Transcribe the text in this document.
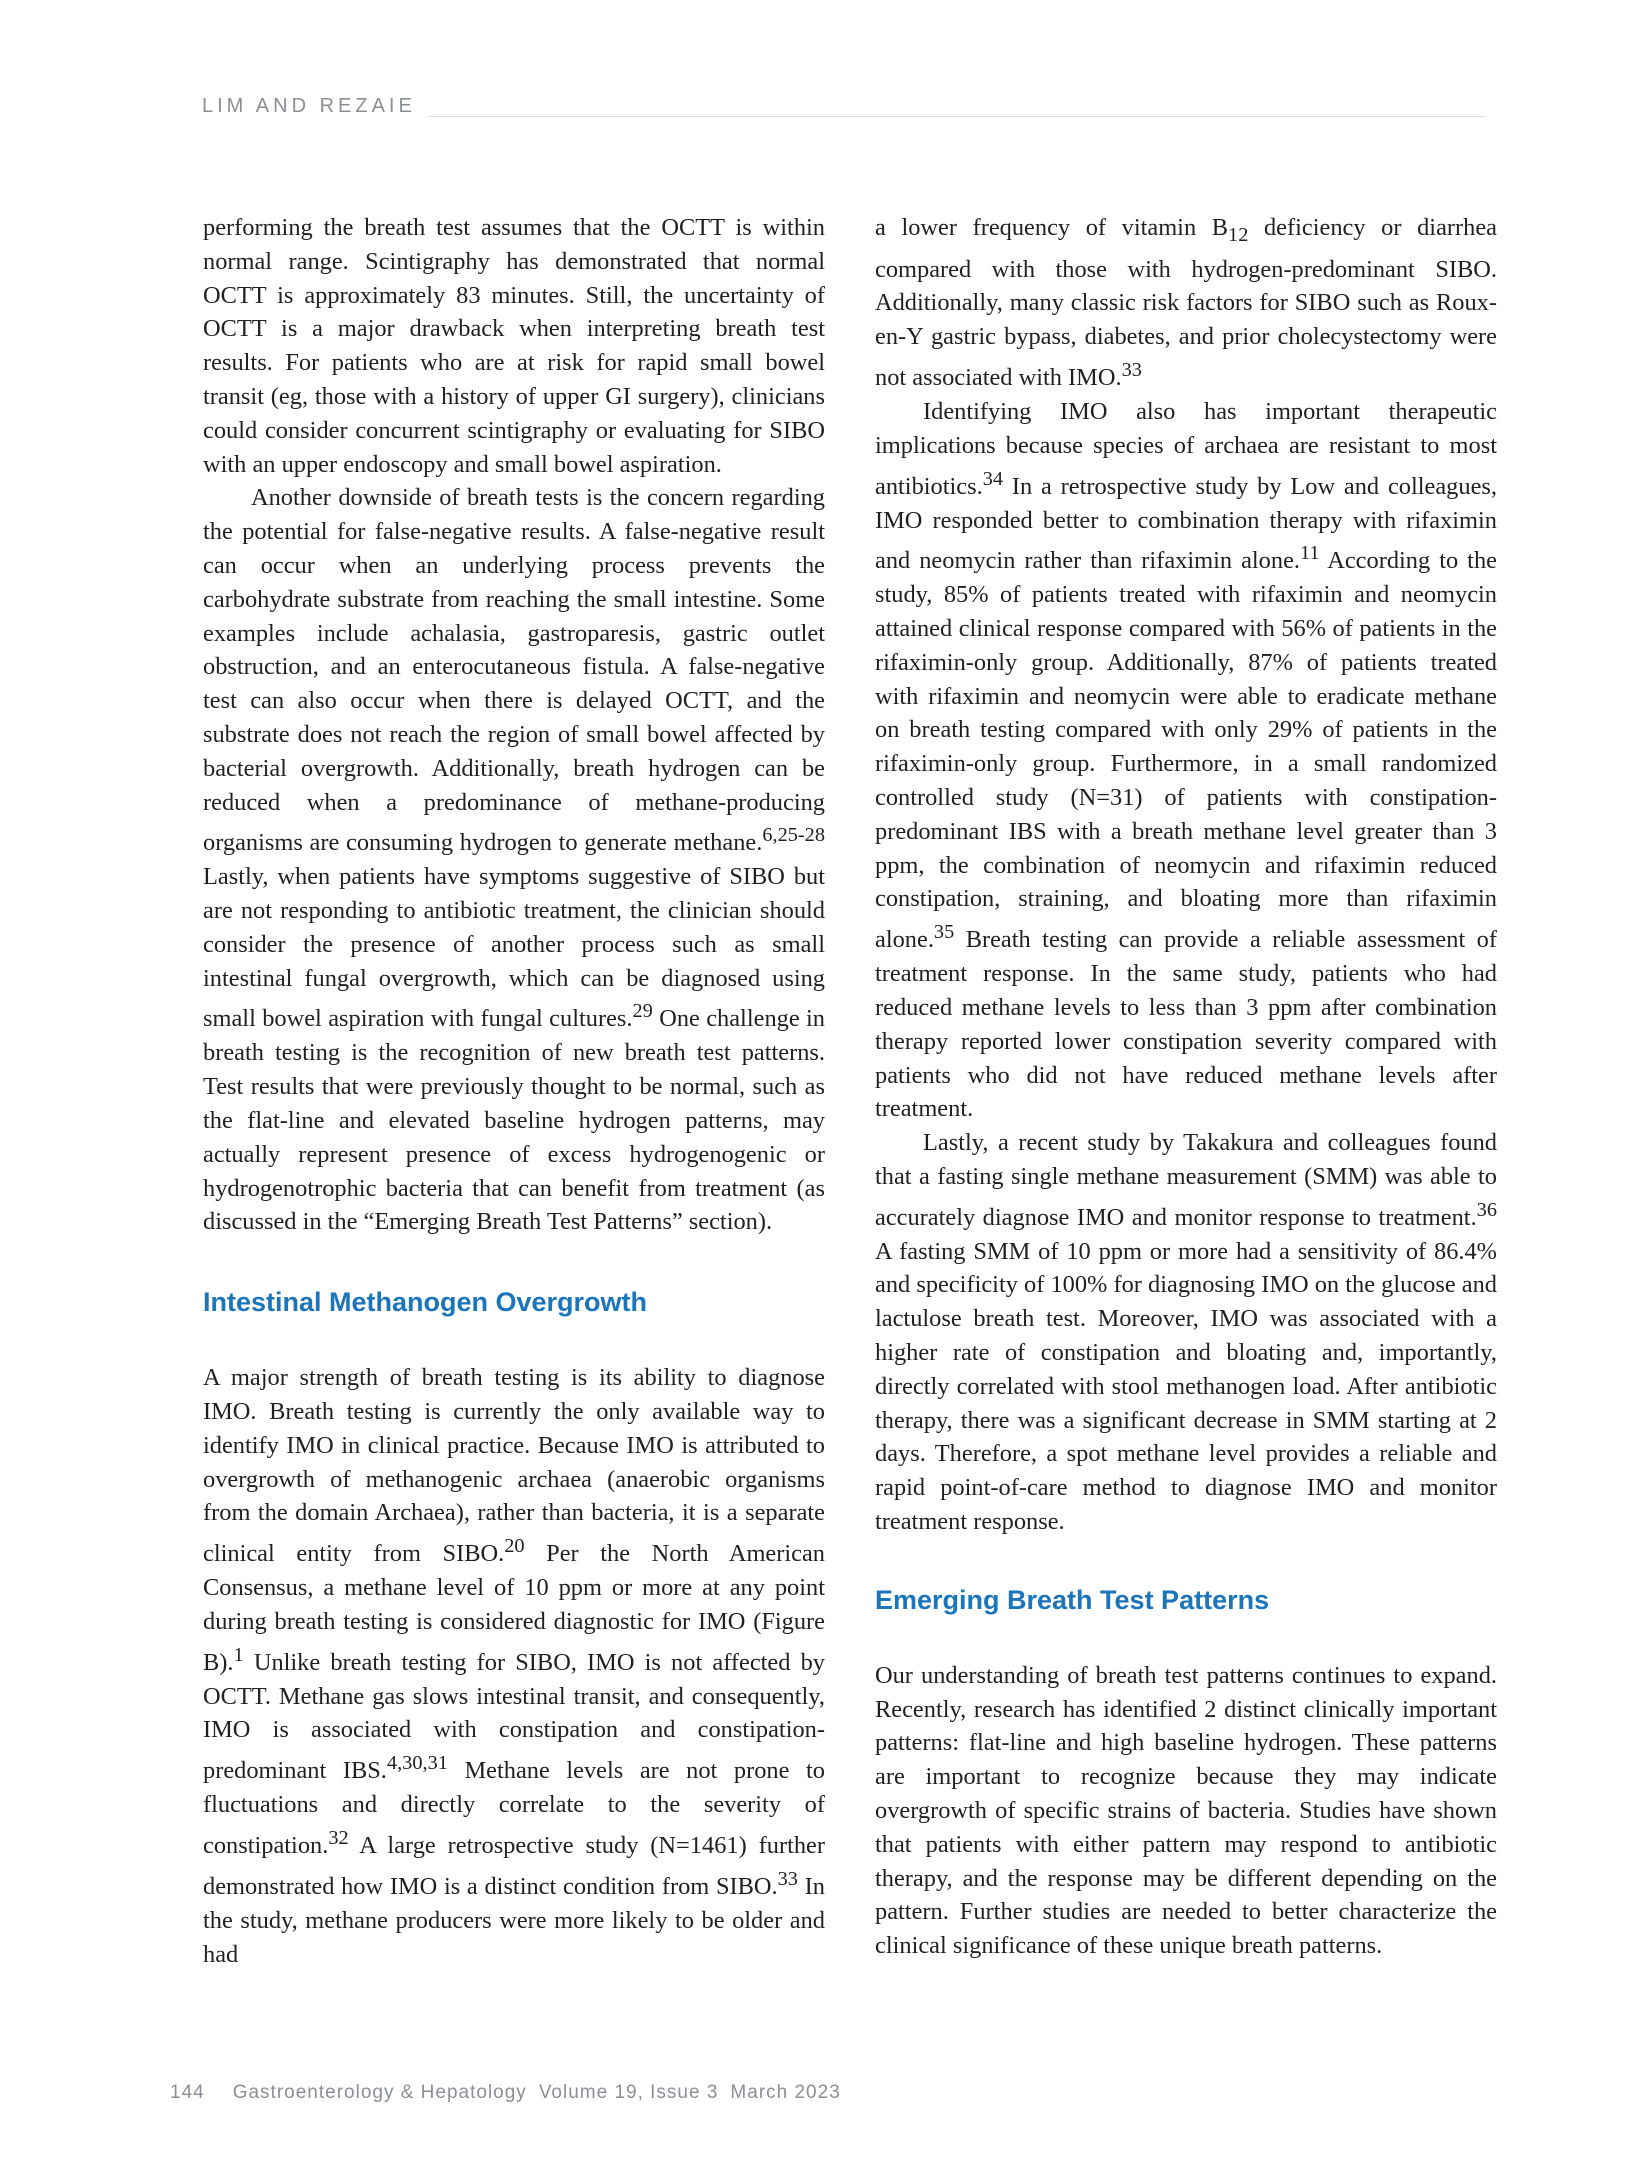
LIM AND REZAIE

performing the breath test assumes that the OCTT is within normal range. Scintigraphy has demonstrated that normal OCTT is approximately 83 minutes. Still, the uncertainty of OCTT is a major drawback when interpreting breath test results. For patients who are at risk for rapid small bowel transit (eg, those with a history of upper GI surgery), clinicians could consider concurrent scintigraphy or evaluating for SIBO with an upper endoscopy and small bowel aspiration.

Another downside of breath tests is the concern regarding the potential for false-negative results. A false-negative result can occur when an underlying process prevents the carbohydrate substrate from reaching the small intestine. Some examples include achalasia, gastroparesis, gastric outlet obstruction, and an enterocutaneous fistula. A false-negative test can also occur when there is delayed OCTT, and the substrate does not reach the region of small bowel affected by bacterial overgrowth. Additionally, breath hydrogen can be reduced when a predominance of methane-producing organisms are consuming hydrogen to generate methane.$^{6,25-28}$ Lastly, when patients have symptoms suggestive of SIBO but are not responding to antibiotic treatment, the clinician should consider the presence of another process such as small intestinal fungal overgrowth, which can be diagnosed using small bowel aspiration with fungal cultures.$^{29}$ One challenge in breath testing is the recognition of new breath test patterns. Test results that were previously thought to be normal, such as the flat-line and elevated baseline hydrogen patterns, may actually represent presence of excess hydrogenogenic or hydrogenotrophic bacteria that can benefit from treatment (as discussed in the “Emerging Breath Test Patterns” section).

Intestinal Methanogen Overgrowth

A major strength of breath testing is its ability to diagnose IMO. Breath testing is currently the only available way to identify IMO in clinical practice. Because IMO is attributed to overgrowth of methanogenic archaea (anaerobic organisms from the domain Archaea), rather than bacteria, it is a separate clinical entity from SIBO.$^{20}$ Per the North American Consensus, a methane level of 10 ppm or more at any point during breath testing is considered diagnostic for IMO (Figure B).$^1$ Unlike breath testing for SIBO, IMO is not affected by OCTT. Methane gas slows intestinal transit, and consequently, IMO is associated with constipation and constipation-predominant IBS.$^{4,30,31}$ Methane levels are not prone to fluctuations and directly correlate to the severity of constipation.$^{32}$ A large retrospective study (N=1461) further demonstrated how IMO is a distinct condition from SIBO.$^{33}$ In the study, methane producers were more likely to be older and had

a lower frequency of vitamin $B_{12}$ deficiency or diarrhea compared with those with hydrogen-predominant SIBO. Additionally, many classic risk factors for SIBO such as Roux-en-Y gastric bypass, diabetes, and prior cholecystectomy were not associated with IMO.$^{33}$

Identifying IMO also has important therapeutic implications because species of archaea are resistant to most antibiotics.$^{34}$ In a retrospective study by Low and colleagues, IMO responded better to combination therapy with rifaximin and neomycin rather than rifaximin alone.$^{11}$ According to the study, 85% of patients treated with rifaximin and neomycin attained clinical response compared with 56% of patients in the rifaximin-only group. Additionally, 87% of patients treated with rifaximin and neomycin were able to eradicate methane on breath testing compared with only 29% of patients in the rifaximin-only group. Furthermore, in a small randomized controlled study (N=31) of patients with constipation-predominant IBS with a breath methane level greater than 3 ppm, the combination of neomycin and rifaximin reduced constipation, straining, and bloating more than rifaximin alone.$^{35}$ Breath testing can provide a reliable assessment of treatment response. In the same study, patients who had reduced methane levels to less than 3 ppm after combination therapy reported lower constipation severity compared with patients who did not have reduced methane levels after treatment.

Lastly, a recent study by Takakura and colleagues found that a fasting single methane measurement (SMM) was able to accurately diagnose IMO and monitor response to treatment.$^{36}$ A fasting SMM of 10 ppm or more had a sensitivity of 86.4% and specificity of 100% for diagnosing IMO on the glucose and lactulose breath test. Moreover, IMO was associated with a higher rate of constipation and bloating and, importantly, directly correlated with stool methanogen load. After antibiotic therapy, there was a significant decrease in SMM starting at 2 days. Therefore, a spot methane level provides a reliable and rapid point-of-care method to diagnose IMO and monitor treatment response.

Emerging Breath Test Patterns

Our understanding of breath test patterns continues to expand. Recently, research has identified 2 distinct clinically important patterns: flat-line and high baseline hydrogen. These patterns are important to recognize because they may indicate overgrowth of specific strains of bacteria. Studies have shown that patients with either pattern may respond to antibiotic therapy, and the response may be different depending on the pattern. Further studies are needed to better characterize the clinical significance of these unique breath patterns.

144 Gastroenterology & Hepatology Volume 19, Issue 3 March 2023
